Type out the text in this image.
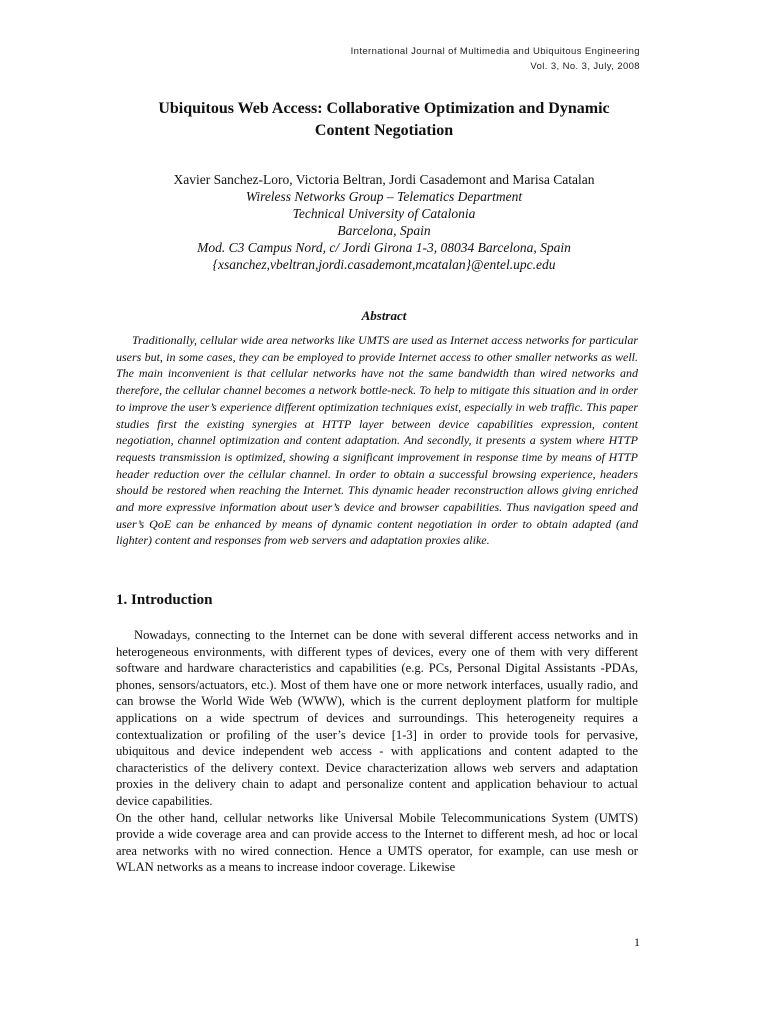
International Journal of Multimedia and Ubiquitous Engineering
Vol. 3, No. 3, July, 2008
Ubiquitous Web Access: Collaborative Optimization and Dynamic
Content Negotiation
Xavier Sanchez-Loro, Victoria Beltran, Jordi Casademont and Marisa Catalan
Wireless Networks Group – Telematics Department
Technical University of Catalonia
Barcelona, Spain
Mod. C3 Campus Nord, c/ Jordi Girona 1-3, 08034 Barcelona, Spain
{xsanchez,vbeltran,jordi.casademont,mcatalan}@entel.upc.edu
Abstract

Traditionally, cellular wide area networks like UMTS are used as Internet access networks for particular users but, in some cases, they can be employed to provide Internet access to other smaller networks as well. The main inconvenient is that cellular networks have not the same bandwidth than wired networks and therefore, the cellular channel becomes a network bottle-neck. To help to mitigate this situation and in order to improve the user’s experience different optimization techniques exist, especially in web traffic. This paper studies first the existing synergies at HTTP layer between device capabilities expression, content negotiation, channel optimization and content adaptation. And secondly, it presents a system where HTTP requests transmission is optimized, showing a significant improvement in response time by means of HTTP header reduction over the cellular channel. In order to obtain a successful browsing experience, headers should be restored when reaching the Internet. This dynamic header reconstruction allows giving enriched and more expressive information about user’s device and browser capabilities. Thus navigation speed and user’s QoE can be enhanced by means of dynamic content negotiation in order to obtain adapted (and lighter) content and responses from web servers and adaptation proxies alike.

1. Introduction

Nowadays, connecting to the Internet can be done with several different access networks and in heterogeneous environments, with different types of devices, every one of them with very different software and hardware characteristics and capabilities (e.g. PCs, Personal Digital Assistants -PDAs, phones, sensors/actuators, etc.). Most of them have one or more network interfaces, usually radio, and can browse the World Wide Web (WWW), which is the current deployment platform for multiple applications on a wide spectrum of devices and surroundings. This heterogeneity requires a contextualization or profiling of the user’s device [1-3] in order to provide tools for pervasive, ubiquitous and device independent web access - with applications and content adapted to the characteristics of the delivery context. Device characterization allows web servers and adaptation proxies in the delivery chain to adapt and personalize content and application behaviour to actual device capabilities.

On the other hand, cellular networks like Universal Mobile Telecommunications System (UMTS) provide a wide coverage area and can provide access to the Internet to different mesh, ad hoc or local area networks with no wired connection. Hence a UMTS operator, for example, can use mesh or WLAN networks as a means to increase indoor coverage. Likewise

1
